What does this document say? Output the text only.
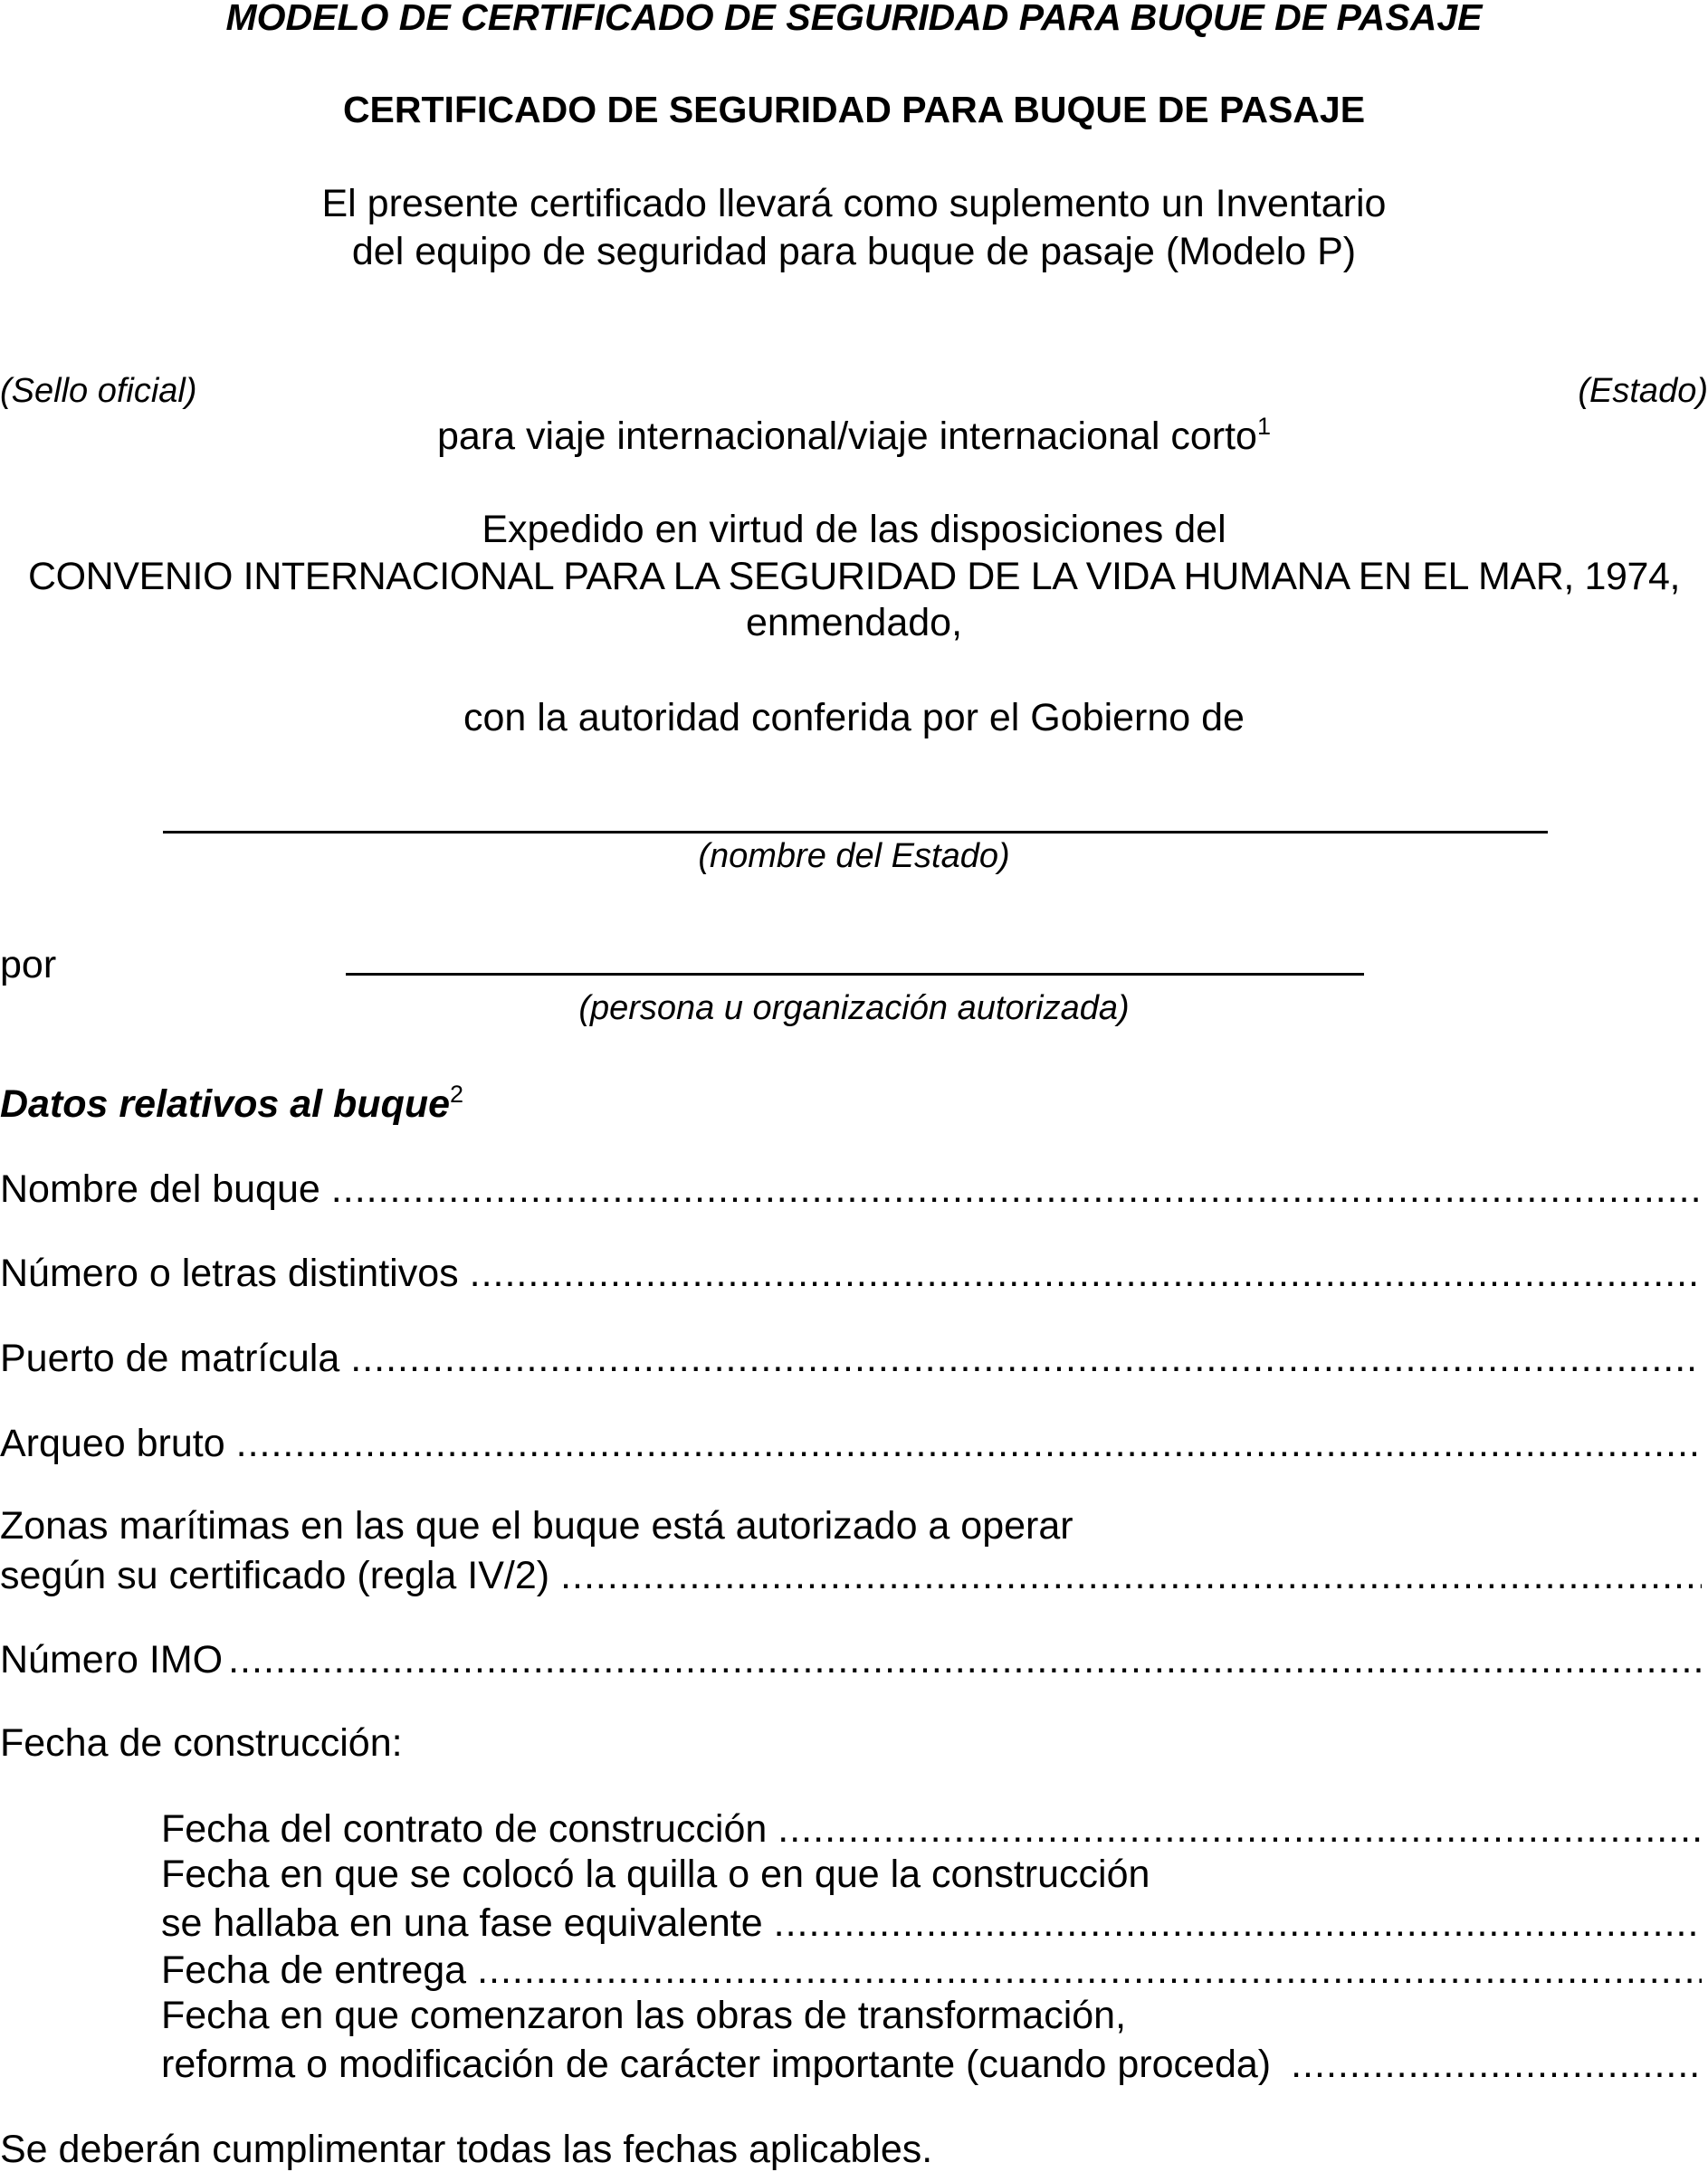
MODELO DE CERTIFICADO DE SEGURIDAD PARA BUQUE DE PASAJE
CERTIFICADO DE SEGURIDAD PARA BUQUE DE PASAJE
El presente certificado llevará como suplemento un Inventario
del equipo de seguridad para buque de pasaje (Modelo P)
(Sello oficial)	(Estado)
para viaje internacional/viaje internacional corto$^1$
Expedido en virtud de las disposiciones del
CONVENIO INTERNACIONAL PARA LA SEGURIDAD DE LA VIDA HUMANA EN EL MAR, 1974,
enmendado,
con la autoridad conferida por el Gobierno de
(nombre del Estado)
por
(persona u organización autorizada)
Datos relativos al buque$^2$
Nombre del buque
.....
Número o letras distintivos
.....
Puerto de matrícula
.....
Arqueo bruto
.....
Zonas marítimas en las que el buque está autorizado a operar
según su certificado (regla IV/2)
.....
Número IMO
.....
Fecha de construcción:
Fecha del contrato de construcción
.....
Fecha en que se colocó la quilla o en que la construcción
se hallaba en una fase equivalente
.....
Fecha de entrega
.....
Fecha en que comenzaron las obras de transformación,
reforma o modificación de carácter importante (cuando proceda)
.....
Se deberán cumplimentar todas las fechas aplicables.
